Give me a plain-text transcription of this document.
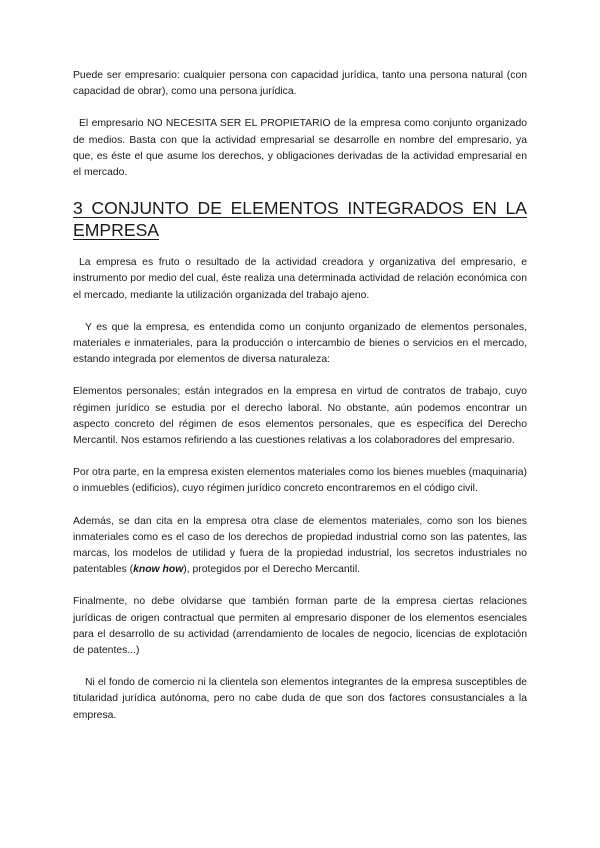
Puede ser empresario: cualquier persona con capacidad jurídica, tanto una persona natural (con capacidad de obrar), como una persona jurídica.

El empresario NO NECESITA SER EL PROPIETARIO de la empresa como conjunto organizado de medios. Basta con que la actividad empresarial se desarrolle en nombre del empresario, ya que, es éste el que asume los derechos, y obligaciones derivadas de la actividad empresarial en el mercado.

3 CONJUNTO DE ELEMENTOS INTEGRADOS EN LA EMPRESA

La empresa es fruto o resultado de la actividad creadora y organizativa del empresario, e instrumento por medio del cual, éste realiza una determinada actividad de relación económica con el mercado, mediante la utilización organizada del trabajo ajeno.

Y es que la empresa, es entendida como un conjunto organizado de elementos personales, materiales e inmateriales, para la producción o intercambio de bienes o servicios en el mercado, estando integrada por elementos de diversa naturaleza:

Elementos personales; están integrados en la empresa en virtud de contratos de trabajo, cuyo régimen jurídico se estudia por el derecho laboral. No obstante, aún podemos encontrar un aspecto concreto del régimen de esos elementos personales, que es específica del Derecho Mercantil. Nos estamos refiriendo a las cuestiones relativas a los colaboradores del empresario.

Por otra parte, en la empresa existen elementos materiales como los bienes muebles (maquinaria) o inmuebles (edificios), cuyo régimen jurídico concreto encontraremos en el código civil.

Además, se dan cita en la empresa otra clase de elementos materiales, como son los bienes inmateriales como es el caso de los derechos de propiedad industrial como son las patentes, las marcas, los modelos de utilidad y fuera de la propiedad industrial, los secretos industriales no patentables (know how), protegidos por el Derecho Mercantil.

Finalmente, no debe olvidarse que también forman parte de la empresa ciertas relaciones jurídicas de origen contractual que permiten al empresario disponer de los elementos esenciales para el desarrollo de su actividad (arrendamiento de locales de negocio, licencias de explotación de patentes...)

Ni el fondo de comercio ni la clientela son elementos integrantes de la empresa susceptibles de titularidad jurídica autónoma, pero no cabe duda de que son dos factores consustanciales a la empresa.
